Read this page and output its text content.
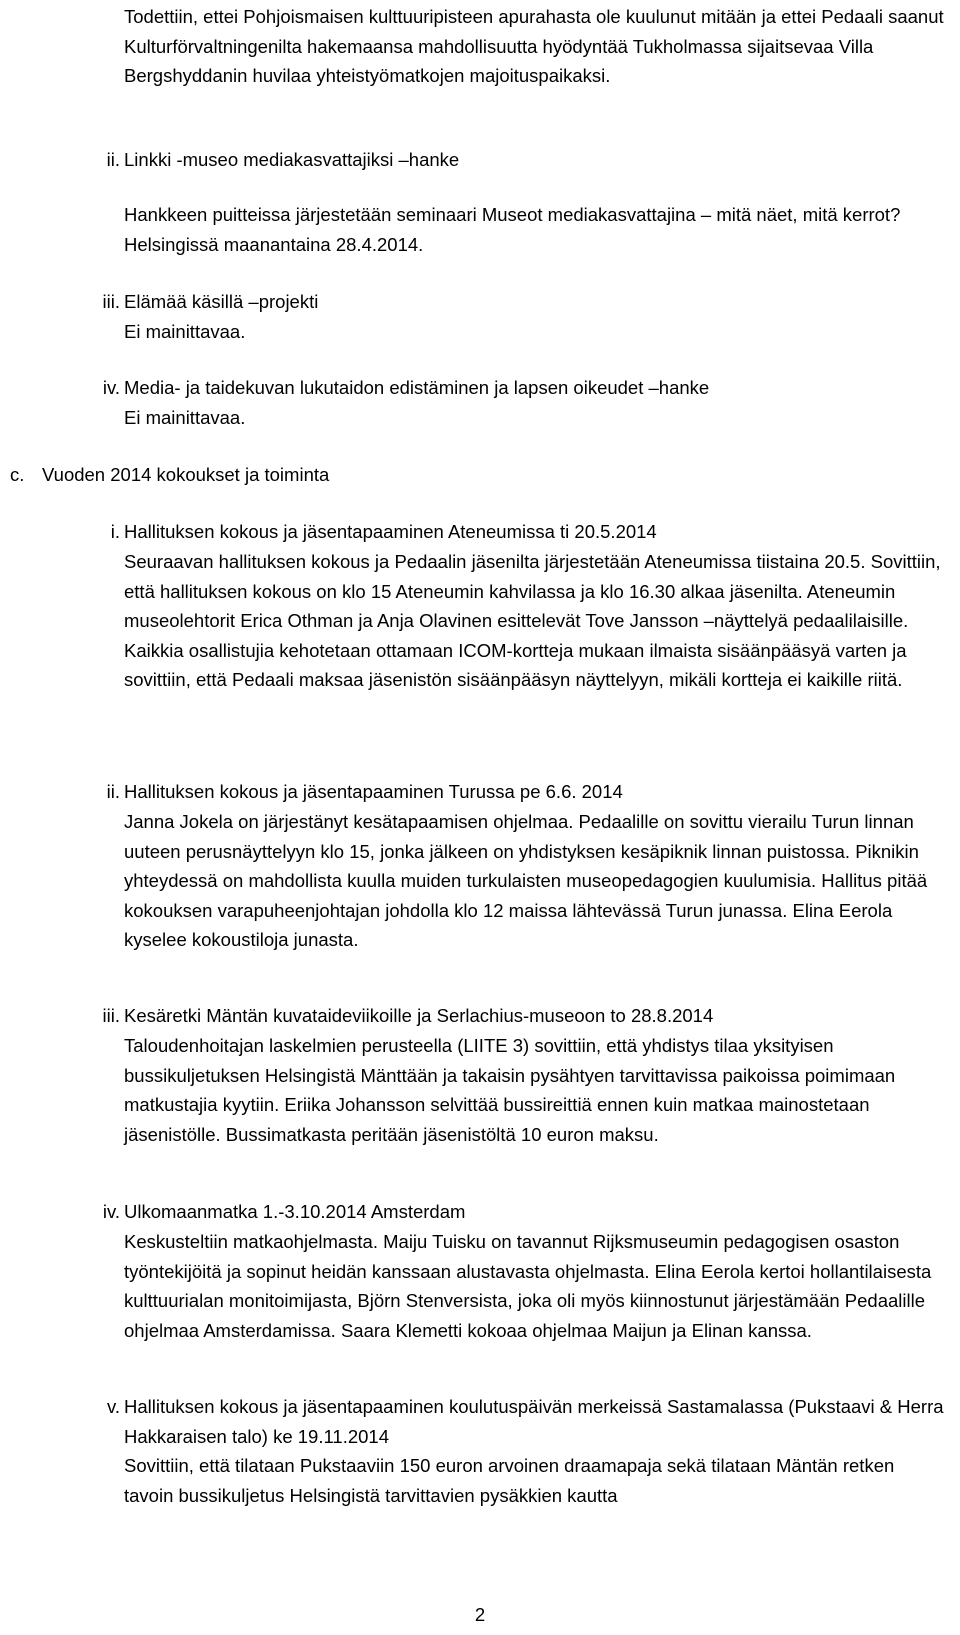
Todettiin, ettei Pohjoismaisen kulttuuripisteen apurahasta ole kuulunut mitään ja ettei Pedaali saanut Kulturförvaltningenilta hakemaansa mahdollisuutta hyödyntää Tukholmassa sijaitsevaa Villa Bergshyddanin huvilaa yhteistyömatkojen majoituspaikaksi.

ii. Linkki -museo mediakasvattajiksi –hanke

Hankkeen puitteissa järjestetään seminaari Museot mediakasvattajina – mitä näet, mitä kerrot? Helsingissä maanantaina 28.4.2014.

iii. Elämää käsillä –projekti

Ei mainittavaa.

iv. Media- ja taidekuvan lukutaidon edistäminen ja lapsen oikeudet –hanke

Ei mainittavaa.

c. Vuoden 2014 kokoukset ja toiminta

i. Hallituksen kokous ja jäsentapaaminen Ateneumissa ti 20.5.2014

Seuraavan hallituksen kokous ja Pedaalin jäsenilta järjestetään Ateneumissa tiistaina 20.5. Sovittiin, että hallituksen kokous on klo 15 Ateneumin kahvilassa ja klo 16.30 alkaa jäsenilta. Ateneumin museolehtorit Erica Othman ja Anja Olavinen esittelevät Tove Jansson –näyttelyä pedaalilaisille. Kaikkia osallistujia kehotetaan ottamaan ICOM-kortteja mukaan ilmaista sisäänpääsyä varten ja sovittiin, että Pedaali maksaa jäsenistön sisäänpääsyn näyttelyyn, mikäli kortteja ei kaikille riitä.

ii. Hallituksen kokous ja jäsentapaaminen Turussa pe 6.6. 2014

Janna Jokela on järjestänyt kesätapaamisen ohjelmaa. Pedaalille on sovittu vierailu Turun linnan uuteen perusnäyttelyyn klo 15, jonka jälkeen on yhdistyksen kesäpiknik linnan puistossa. Piknikin yhteydessä on mahdollista kuulla muiden turkulaisten museopedagogien kuulumisia. Hallitus pitää kokouksen varapuheenjohtajan johdolla klo 12 maissa lähtevässä Turun junassa. Elina Eerola kyselee kokoustiloja junasta.

iii. Kesäretki Mäntän kuvataideviikoille ja Serlachius-museoon to 28.8.2014

Taloudenhoitajan laskelmien perusteella (LIITE 3) sovittiin, että yhdistys tilaa yksityisen bussikuljetuksen Helsingistä Mänttään ja takaisin pysähtyen tarvittavissa paikoissa poimimaan matkustajia kyytiin. Eriika Johansson selvittää bussireittiä ennen kuin matkaa mainostetaan jäsenistölle. Bussimatkasta peritään jäsenistöltä 10 euron maksu.

iv. Ulkomaanmatka 1.-3.10.2014 Amsterdam

Keskusteltiin matkaohjelmasta. Maiju Tuisku on tavannut Rijksmuseumin pedagogisen osaston työntekijöitä ja sopinut heidän kanssaan alustavasta ohjelmasta. Elina Eerola kertoi hollantilaisesta kulttuurialan monitoimijasta, Björn Stenversista, joka oli myös kiinnostunut järjestämään Pedaalille ohjelmaa Amsterdamissa. Saara Klemetti kokoaa ohjelmaa Maijun ja Elinan kanssa.

v. Hallituksen kokous ja jäsentapaaminen koulutuspäivän merkeissä Sastamalassa (Pukstaavi & Herra Hakkaraisen talo) ke 19.11.2014

Sovittiin, että tilataan Pukstaaviin 150 euron arvoinen draamapaja sekä tilataan Mäntän retken tavoin bussikuljetus Helsingistä tarvittavien pysäkkien kautta

2
